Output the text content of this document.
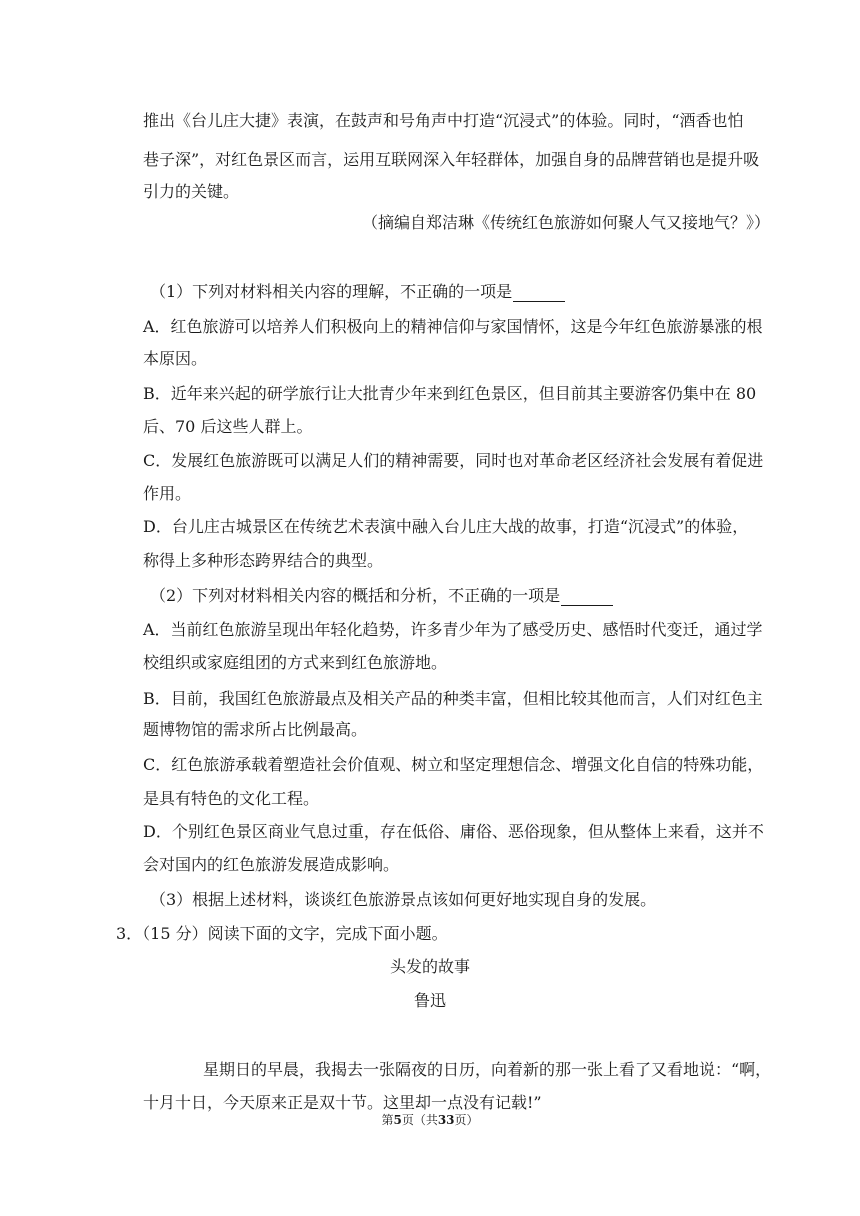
推出《台儿庄大捷》表演，在鼓声和号角声中打造“沉浸式”的体验。同时，“酒香也怕
巷子深”，对红色景区而言，运用互联网深入年轻群体，加强自身的品牌营销也是提升吸
引力的关键。
（摘编自郑洁琳《传统红色旅游如何聚人气又接地气？》）
（1）下列对材料相关内容的理解，不正确的一项是
A．红色旅游可以培养人们积极向上的精神信仰与家国情怀，这是今年红色旅游暴涨的根
本原因。
B．近年来兴起的研学旅行让大批青少年来到红色景区，但目前其主要游客仍集中在 80
后、70 后这些人群上。
C．发展红色旅游既可以满足人们的精神需要，同时也对革命老区经济社会发展有着促进
作用。
D．台儿庄古城景区在传统艺术表演中融入台儿庄大战的故事，打造“沉浸式”的体验，
称得上多种形态跨界结合的典型。
（2）下列对材料相关内容的概括和分析，不正确的一项是
A．当前红色旅游呈现出年轻化趋势，许多青少年为了感受历史、感悟时代变迁，通过学
校组织或家庭组团的方式来到红色旅游地。
B．目前，我国红色旅游最点及相关产品的种类丰富，但相比较其他而言，人们对红色主
题博物馆的需求所占比例最高。
C．红色旅游承载着塑造社会价值观、树立和坚定理想信念、增强文化自信的特殊功能，
是具有特色的文化工程。
D．个别红色景区商业气息过重，存在低俗、庸俗、恶俗现象，但从整体上来看，这并不
会对国内的红色旅游发展造成影响。
（3）根据上述材料，谈谈红色旅游景点该如何更好地实现自身的发展。
3．（15 分）阅读下面的文字，完成下面小题。
头发的故事
鲁迅
星期日的早晨，我揭去一张隔夜的日历，向着新的那一张上看了又看地说：“啊，
十月十日，今天原来正是双十节。这里却一点没有记载!”
第5页（共33页）
